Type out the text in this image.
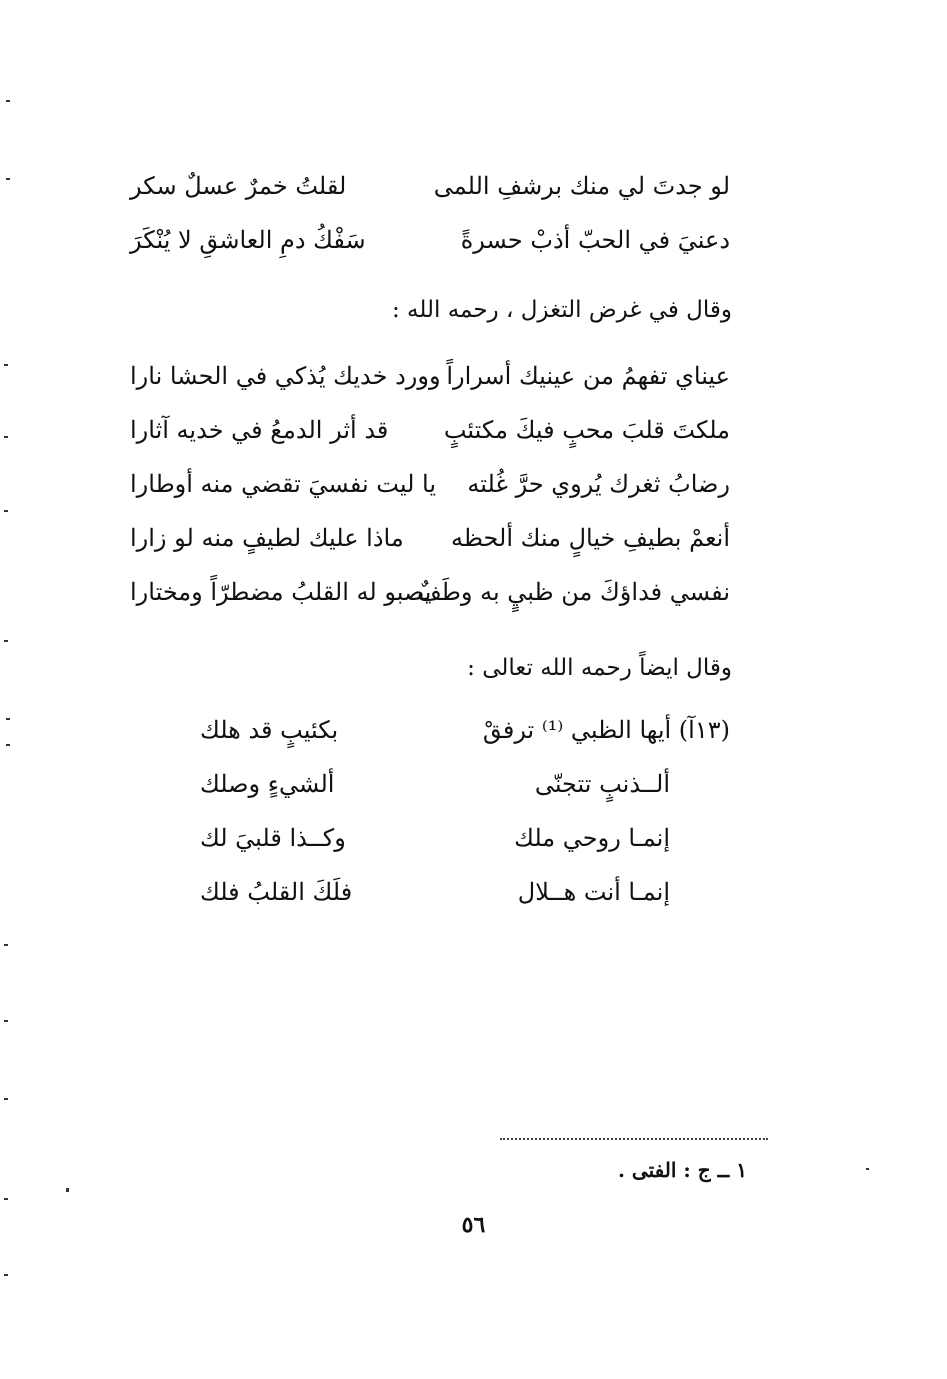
لو جدتَ لي منك برشفِ اللمى
لقلتُ خمرٌ عسلٌ سكر
دعنيَ في الحبّ أذبْ حسرةً
سَفْكُ دمِ العاشقِ لا يُنْكَرَ
وقال في غرض التغزل ، رحمه الله :
عيناي تفهمُ من عينيك أسراراً
وورد خديك يُذكي في الحشا نارا
ملكتَ قلبَ محبٍ فيكَ مكتئبٍ
قد أثر الدمعُ في خديه آثارا
رضابُ ثغرك يُروي حرَّ غُلته
يا ليت نفسيَ تقضي منه أوطارا
أنعمْ بطيفِ خيالٍ منك ألحظه
ماذا عليك لطيفٍ منه لو زارا
نفسي فداؤكَ من ظبيٍ به وطَفٌ
يصبو له القلبُ مضطرّاً ومختارا
وقال ايضاً رحمه الله تعالى :
(١٣آ) أيها الظبي ⁽¹⁾ ترفقْ
بكئيبٍ قد هلك
ألــذنبٍ تتجنّى
ألشيءٍ وصلك
إنمـا روحي ملك
وكــذا قلبيَ لك
إنمـا أنت هــلال
فلَكَ القلبُ فلك
١ ــ ج : الفتى .
٥٦
